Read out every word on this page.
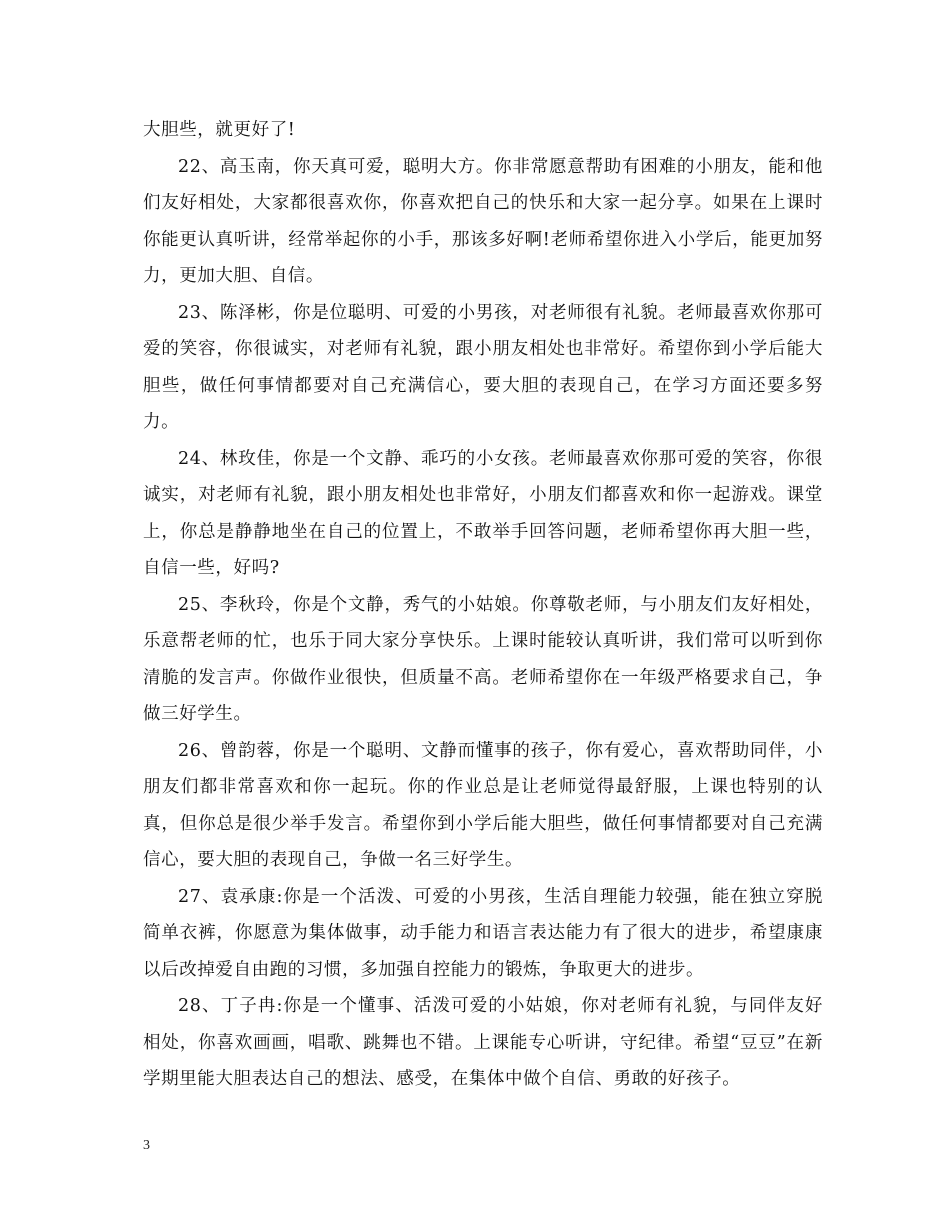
大胆些，就更好了!

22、高玉南，你天真可爱，聪明大方。你非常愿意帮助有困难的小朋友，能和他们友好相处，大家都很喜欢你，你喜欢把自己的快乐和大家一起分享。如果在上课时你能更认真听讲，经常举起你的小手，那该多好啊!老师希望你进入小学后，能更加努力，更加大胆、自信。

23、陈泽彬，你是位聪明、可爱的小男孩，对老师很有礼貌。老师最喜欢你那可爱的笑容，你很诚实，对老师有礼貌，跟小朋友相处也非常好。希望你到小学后能大胆些，做任何事情都要对自己充满信心，要大胆的表现自己，在学习方面还要多努力。

24、林玫佳，你是一个文静、乖巧的小女孩。老师最喜欢你那可爱的笑容，你很诚实，对老师有礼貌，跟小朋友相处也非常好，小朋友们都喜欢和你一起游戏。课堂上，你总是静静地坐在自己的位置上，不敢举手回答问题，老师希望你再大胆一些，自信一些，好吗?

25、李秋玲，你是个文静，秀气的小姑娘。你尊敬老师，与小朋友们友好相处，乐意帮老师的忙，也乐于同大家分享快乐。上课时能较认真听讲，我们常可以听到你清脆的发言声。你做作业很快，但质量不高。老师希望你在一年级严格要求自己，争做三好学生。

26、曾韵蓉，你是一个聪明、文静而懂事的孩子，你有爱心，喜欢帮助同伴，小朋友们都非常喜欢和你一起玩。你的作业总是让老师觉得最舒服，上课也特别的认真，但你总是很少举手发言。希望你到小学后能大胆些，做任何事情都要对自己充满信心，要大胆的表现自己，争做一名三好学生。

27、袁承康:你是一个活泼、可爱的小男孩，生活自理能力较强，能在独立穿脱简单衣裤，你愿意为集体做事，动手能力和语言表达能力有了很大的进步，希望康康以后改掉爱自由跑的习惯，多加强自控能力的锻炼，争取更大的进步。

28、丁子冉:你是一个懂事、活泼可爱的小姑娘，你对老师有礼貌，与同伴友好相处，你喜欢画画，唱歌、跳舞也不错。上课能专心听讲，守纪律。希望“豆豆”在新学期里能大胆表达自己的想法、感受，在集体中做个自信、勇敢的好孩子。

3
